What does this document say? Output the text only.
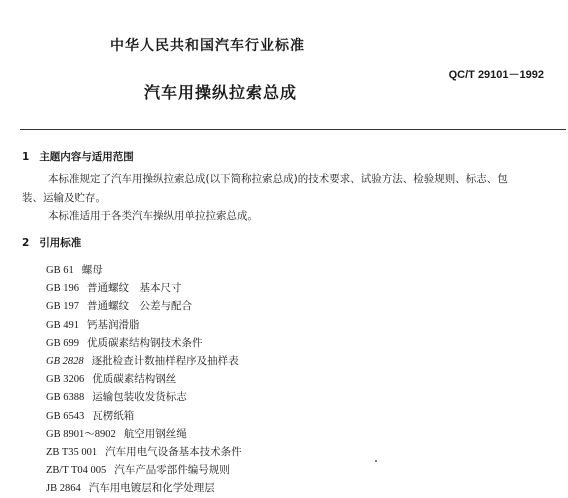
中华人民共和国汽车行业标准
QC/T 29101－1992
汽车用操纵拉索总成
1 主题内容与适用范围
本标准规定了汽车用操纵拉索总成(以下简称拉索总成)的技术要求、试验方法、检验规则、标志、包
装、运输及贮存。
本标准适用于各类汽车操纵用单拉拉索总成。
2 引用标准
GB 61 螺母
GB 196 普通螺纹　基本尺寸
GB 197 普通螺纹　公差与配合
GB 491 钙基润滑脂
GB 699 优质碳素结构钢技术条件
GB 2828 逐批检查计数抽样程序及抽样表
GB 3206 优质碳素结构钢丝
GB 6388 运输包装收发货标志
GB 6543 瓦楞纸箱
GB 8901～8902 航空用钢丝绳
ZB T35 001 汽车用电气设备基本技术条件
ZB/T T04 005 汽车产品零部件编号规则
JB 2864 汽车用电镀层和化学处理层
